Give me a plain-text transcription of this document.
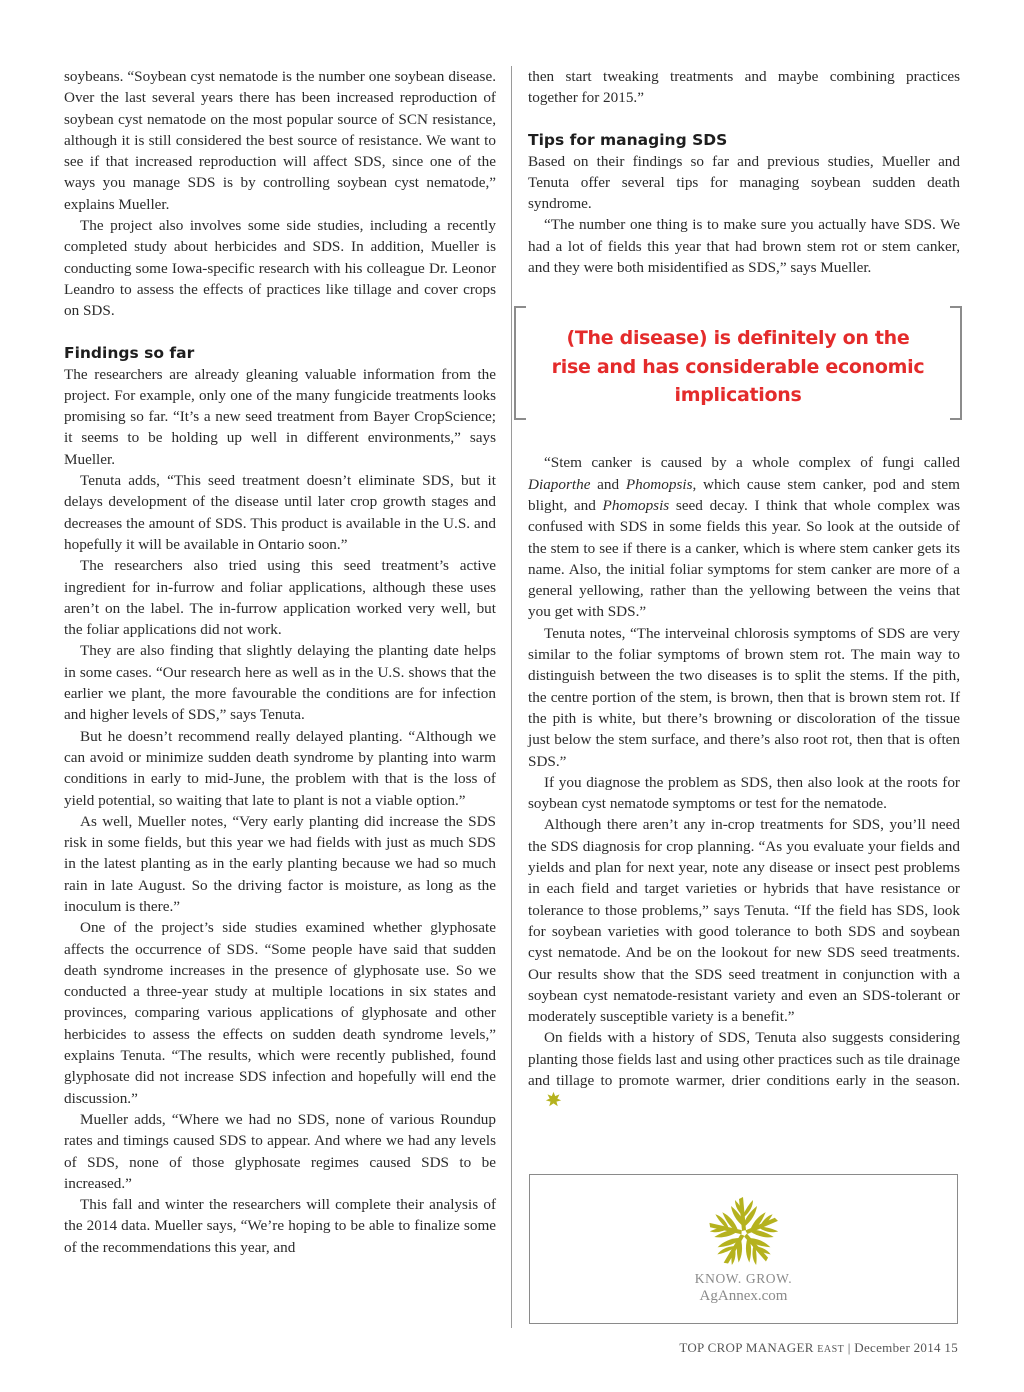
soybeans. “Soybean cyst nematode is the number one soybean disease. Over the last several years there has been increased reproduction of soybean cyst nematode on the most popular source of SCN resistance, although it is still considered the best source of resistance. We want to see if that increased reproduction will affect SDS, since one of the ways you manage SDS is by controlling soybean cyst nematode,” explains Mueller.

The project also involves some side studies, including a recently completed study about herbicides and SDS. In addition, Mueller is conducting some Iowa-specific research with his colleague Dr. Leonor Leandro to assess the effects of practices like tillage and cover crops on SDS.

Findings so far

The researchers are already gleaning valuable information from the project. For example, only one of the many fungicide treatments looks promising so far. “It’s a new seed treatment from Bayer CropScience; it seems to be holding up well in different environments,” says Mueller.

Tenuta adds, “This seed treatment doesn’t eliminate SDS, but it delays development of the disease until later crop growth stages and decreases the amount of SDS. This product is available in the U.S. and hopefully it will be available in Ontario soon.”

The researchers also tried using this seed treatment’s active ingredient for in-furrow and foliar applications, although these uses aren’t on the label. The in-furrow application worked very well, but the foliar applications did not work.

They are also finding that slightly delaying the planting date helps in some cases. “Our research here as well as in the U.S. shows that the earlier we plant, the more favourable the conditions are for infection and higher levels of SDS,” says Tenuta.

But he doesn’t recommend really delayed planting. “Although we can avoid or minimize sudden death syndrome by planting into warm conditions in early to mid-June, the problem with that is the loss of yield potential, so waiting that late to plant is not a viable option.”

As well, Mueller notes, “Very early planting did increase the SDS risk in some fields, but this year we had fields with just as much SDS in the latest planting as in the early planting because we had so much rain in late August. So the driving factor is moisture, as long as the inoculum is there.”

One of the project’s side studies examined whether glyphosate affects the occurrence of SDS. “Some people have said that sudden death syndrome increases in the presence of glyphosate use. So we conducted a three-year study at multiple locations in six states and provinces, comparing various applications of glyphosate and other herbicides to assess the effects on sudden death syndrome levels,” explains Tenuta. “The results, which were recently published, found glyphosate did not increase SDS infection and hopefully will end the discussion.”

Mueller adds, “Where we had no SDS, none of various Roundup rates and timings caused SDS to appear. And where we had any levels of SDS, none of those glyphosate regimes caused SDS to be increased.”

This fall and winter the researchers will complete their analysis of the 2014 data. Mueller says, “We’re hoping to be able to finalize some of the recommendations this year, and

then start tweaking treatments and maybe combining practices together for 2015.”

Tips for managing SDS

Based on their findings so far and previous studies, Mueller and Tenuta offer several tips for managing soybean sudden death syndrome.

“The number one thing is to make sure you actually have SDS. We had a lot of fields this year that had brown stem rot or stem canker, and they were both misidentified as SDS,” says Mueller.

(The disease) is definitely on the rise and has considerable economic implications

“Stem canker is caused by a whole complex of fungi called Diaporthe and Phomopsis, which cause stem canker, pod and stem blight, and Phomopsis seed decay. I think that whole complex was confused with SDS in some fields this year. So look at the outside of the stem to see if there is a canker, which is where stem canker gets its name. Also, the initial foliar symptoms for stem canker are more of a general yellowing, rather than the yellowing between the veins that you get with SDS.”

Tenuta notes, “The interveinal chlorosis symptoms of SDS are very similar to the foliar symptoms of brown stem rot. The main way to distinguish between the two diseases is to split the stems. If the pith, the centre portion of the stem, is brown, then that is brown stem rot. If the pith is white, but there’s browning or discoloration of the tissue just below the stem surface, and there’s also root rot, then that is often SDS.”

If you diagnose the problem as SDS, then also look at the roots for soybean cyst nematode symptoms or test for the nematode.

Although there aren’t any in-crop treatments for SDS, you’ll need the SDS diagnosis for crop planning. “As you evaluate your fields and yields and plan for next year, note any disease or insect pest problems in each field and target varieties or hybrids that have resistance or tolerance to those problems,” says Tenuta. “If the field has SDS, look for soybean varieties with good tolerance to both SDS and soybean cyst nematode. And be on the lookout for new SDS seed treatments. Our results show that the SDS seed treatment in conjunction with a soybean cyst nematode-resistant variety and even an SDS-tolerant or moderately susceptible variety is a benefit.”

On fields with a history of SDS, Tenuta also suggests considering planting those fields last and using other practices such as tile drainage and tillage to promote warmer, drier conditions early in the season.

KNOW. GROW.
AgAnnex.com
TOP CROP MANAGER EAST | December 2014 15
